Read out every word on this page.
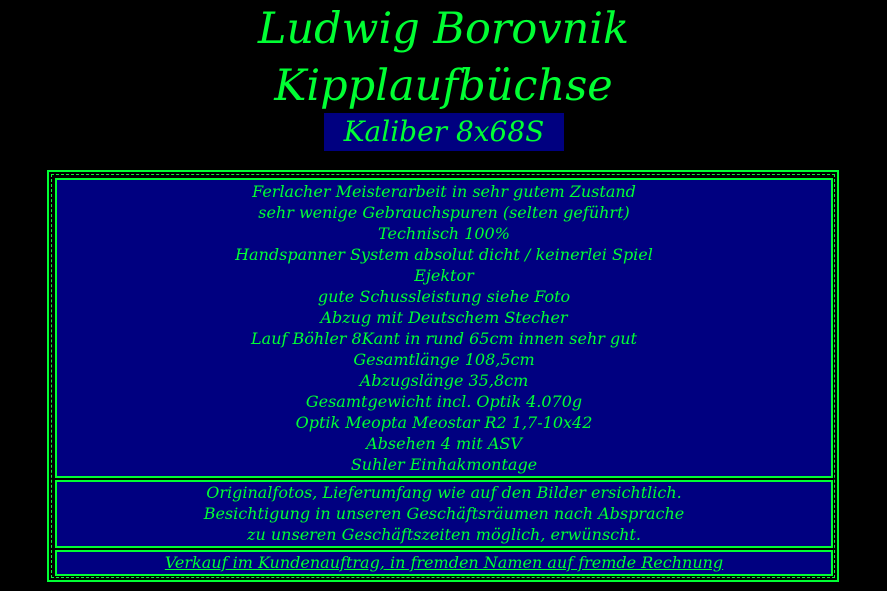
Ludwig Borovnik
Kipplaufbüchse
Kaliber 8x68S
Ferlacher Meisterarbeit in sehr gutem Zustand
sehr wenige Gebrauchspuren (selten geführt)
Technisch 100%
Handspanner System absolut dicht / keinerlei Spiel
Ejektor
gute Schussleistung siehe Foto
Abzug mit Deutschem Stecher
Lauf Böhler 8Kant in rund 65cm innen sehr gut
Gesamtlänge 108,5cm
Abzugslänge 35,8cm
Gesamtgewicht incl. Optik 4.070g
Optik Meopta Meostar R2 1,7-10x42
Absehen 4 mit ASV
Suhler Einhakmontage
Originalfotos, Lieferumfang wie auf den Bilder ersichtlich.
Besichtigung in unseren Geschäftsräumen nach Absprache
zu unseren Geschäftszeiten möglich, erwünscht.
Verkauf im Kundenauftrag, in fremden Namen auf fremde Rechnung
